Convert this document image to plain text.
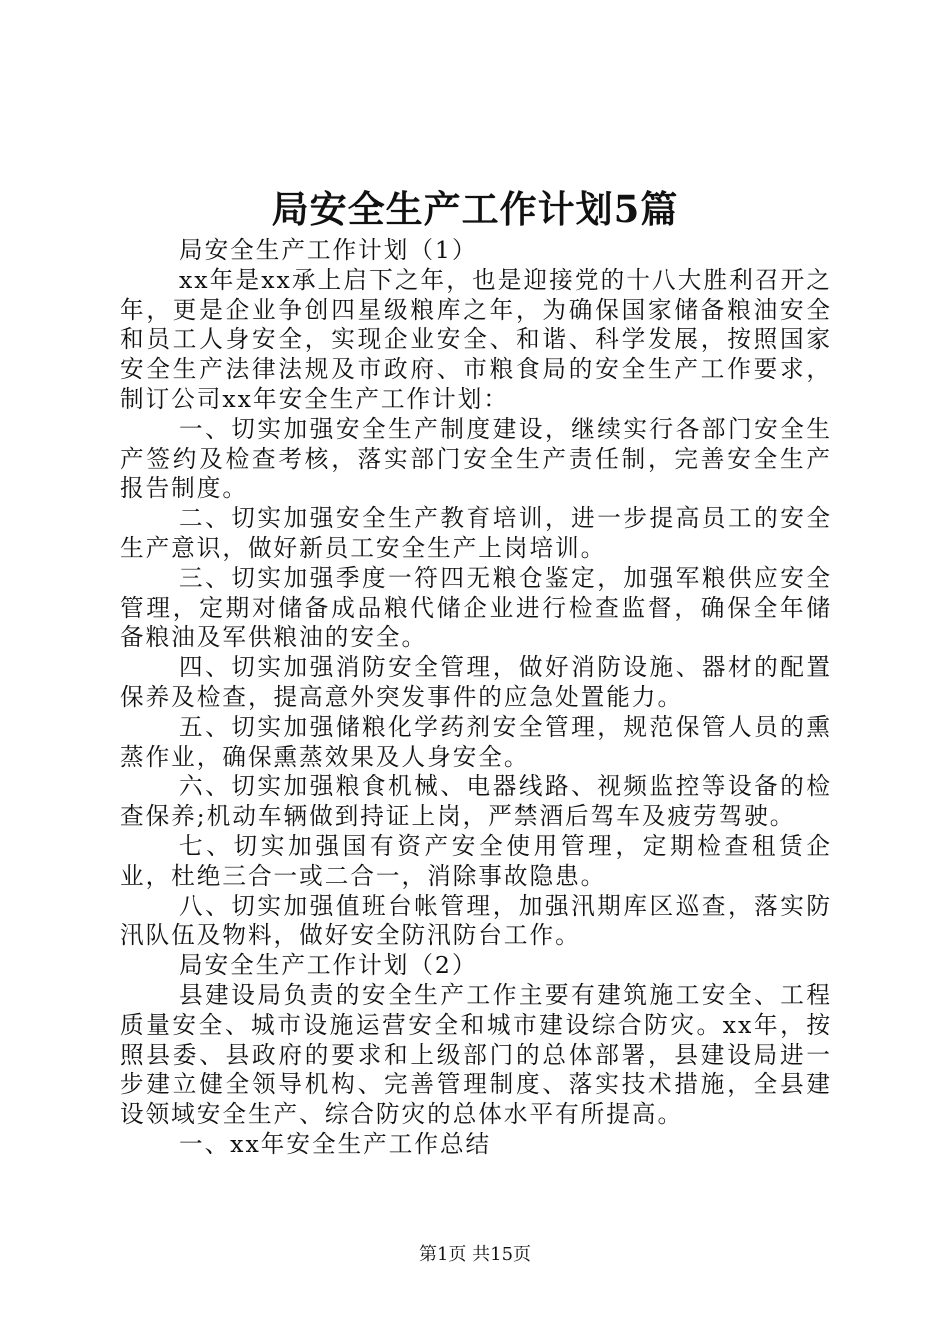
局安全生产工作计划5篇

局安全生产工作计划（1）

xx年是xx承上启下之年，也是迎接党的十八大胜利召开之年，更是企业争创四星级粮库之年，为确保国家储备粮油安全和员工人身安全，实现企业安全、和谐、科学发展，按照国家安全生产法律法规及市政府、市粮食局的安全生产工作要求，制订公司xx年安全生产工作计划：

一、切实加强安全生产制度建设，继续实行各部门安全生产签约及检查考核，落实部门安全生产责任制，完善安全生产报告制度。

二、切实加强安全生产教育培训，进一步提高员工的安全生产意识，做好新员工安全生产上岗培训。

三、切实加强季度一符四无粮仓鉴定，加强军粮供应安全管理，定期对储备成品粮代储企业进行检查监督，确保全年储备粮油及军供粮油的安全。

四、切实加强消防安全管理，做好消防设施、器材的配置保养及检查，提高意外突发事件的应急处置能力。

五、切实加强储粮化学药剂安全管理，规范保管人员的熏蒸作业，确保熏蒸效果及人身安全。

六、切实加强粮食机械、电器线路、视频监控等设备的检查保养;机动车辆做到持证上岗，严禁酒后驾车及疲劳驾驶。

七、切实加强国有资产安全使用管理，定期检查租赁企业，杜绝三合一或二合一，消除事故隐患。

八、切实加强值班台帐管理，加强汛期库区巡查，落实防汛队伍及物料，做好安全防汛防台工作。

局安全生产工作计划（2）

县建设局负责的安全生产工作主要有建筑施工安全、工程质量安全、城市设施运营安全和城市建设综合防灾。xx年，按照县委、县政府的要求和上级部门的总体部署，县建设局进一步建立健全领导机构、完善管理制度、落实技术措施，全县建设领域安全生产、综合防灾的总体水平有所提高。

一、xx年安全生产工作总结

第1页 共15页
